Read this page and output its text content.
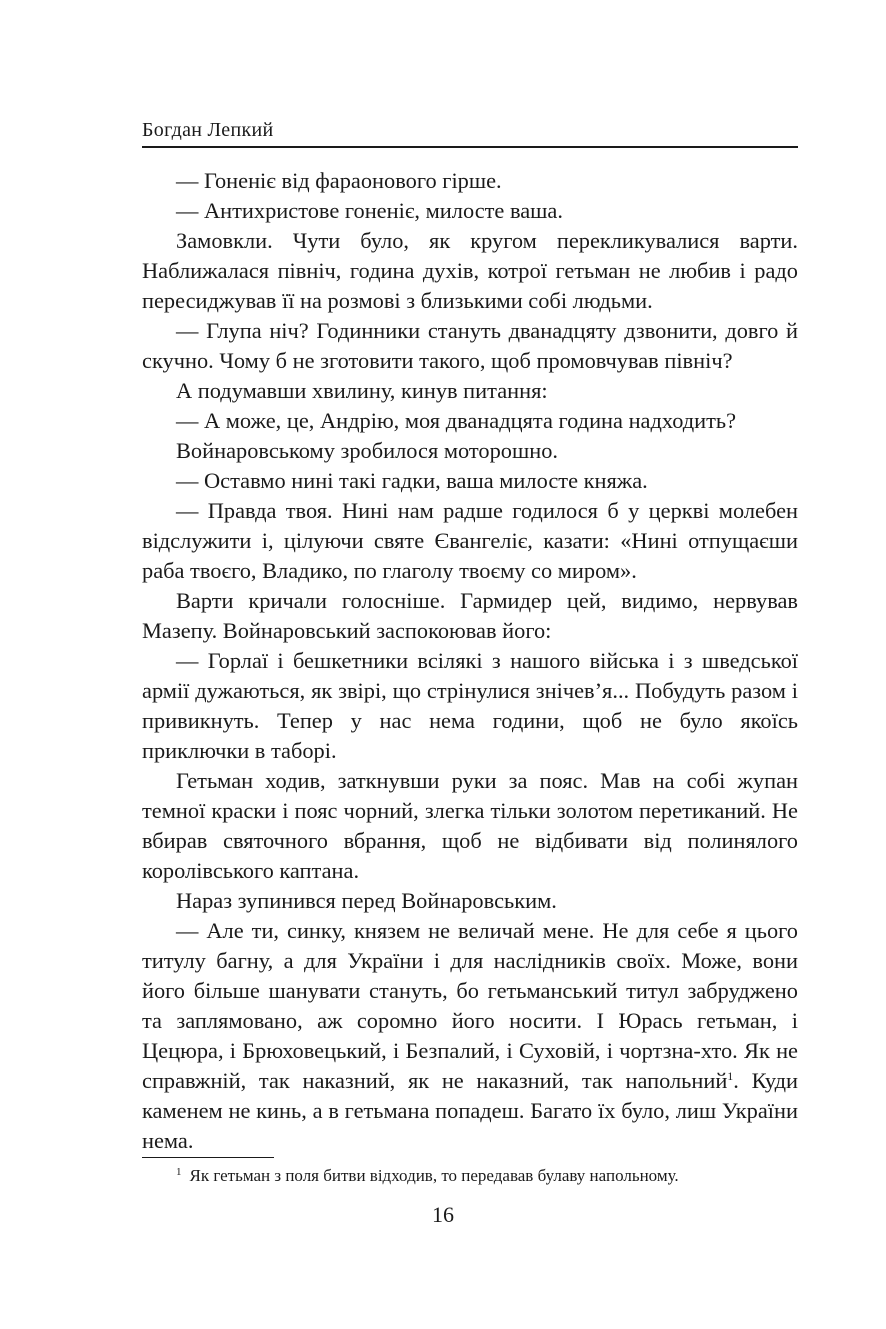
Богдан Лепкий

— Гоненіє від фараонового гірше.

— Антихристове гоненіє, милосте ваша.

Замовкли. Чути було, як кругом перекликувалися варти. Наближалася північ, година духів, котрої гетьман не любив і радо пересиджував її на розмові з близькими собі людьми.

— Глупа ніч? Годинники стануть дванадцяту дзвонити, довго й скучно. Чому б не зготовити такого, щоб промовчував північ?

А подумавши хвилину, кинув питання:

— А може, це, Андрію, моя дванадцята година надходить?

Войнаровському зробилося моторошно.

— Оставмо нині такі гадки, ваша милосте княжа.

— Правда твоя. Нині нам радше годилося б у церкві молебен відслужити і, цілуючи святе Євангеліє, казати: «Нині отпущаєши раба твоєго, Владико, по глаголу твоєму со миром».

Варти кричали голосніше. Гармидер цей, видимо, нервував Мазепу. Войнаровський заспокоював його:

— Горлаї і бешкетники всілякі з нашого війська і з шведської армії дужаються, як звірі, що стрінулися знічев’я... Побудуть разом і привикнуть. Тепер у нас нема години, щоб не було якоїсь приключки в таборі.

Гетьман ходив, заткнувши руки за пояс. Мав на собі жупан темної краски і пояс чорний, злегка тільки золотом перетиканий. Не вбирав святочного вбрання, щоб не відбивати від полинялого королівського каптана.

Нараз зупинився перед Войнаровським.

— Але ти, синку, князем не величай мене. Не для себе я цього титулу багну, а для України і для наслідників своїх. Може, вони його більше шанувати стануть, бо гетьманський титул забруджено та заплямовано, аж соромно його носити. І Юрась гетьман, і Цецюра, і Брюховецький, і Безпалий, і Суховій, і чортзна-хто. Як не справжній, так наказний, як не наказний, так напольний$^1$. Куди каменем не кинь, а в гетьмана попадеш. Багато їх було, лиш України нема.

$^1$ Як гетьман з поля битви відходив, то передавав булаву напольному.
16
